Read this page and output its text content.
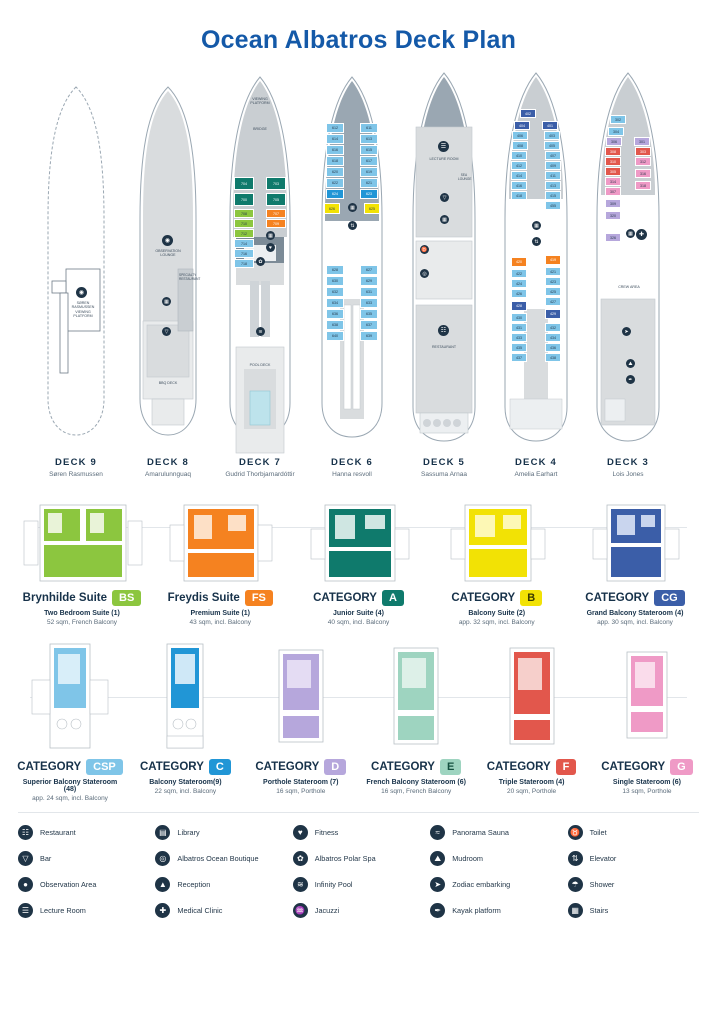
Ocean Albatros Deck Plan
◉
SØREN RASMUSSEN VIEWING PLATFORM
DECK 9
Søren Rasmussen
◉
OBSERVATION LOUNGE
SPECIALTY RESTAURANT
BBQ DECK
▦
▽
DECK 8
Amarulunnguaq
VIEWING PLATFORM
BRIDGE
POOL DECK
704	703
700	705
708	707
710	709
712
714
716
718
▦
♥
✿
≋
DECK 7
Gudrid Thorbjarnardóttir
612	611
614	613
616	615
618	617
620	619
622	621
624	623
626	625
628	627
630	629
632	631
634	633
636	635
638	637
640	639
▦
⇅
DECK 6
Hanna resvoll
☰
LECTURE ROOM
SEA LOUNGE
▽
▦
♉
◎
☷
RESTAURANT
DECK 5
Sassuma Arnaa
402
404	401
406	403
408	405
410	407
412	409
414	411
416	413
418	415
455
419
420
421
422
423
424
425
426
427
428
429
430
431	432
433	434
435	436
437	438
▦
⇅
DECK 4
Amelia Earhart
302
304
306	301
308	303
310	312
305
314
316
307
318
309
320
326
CREW AREA
▦	✚
➤
⛰
✒
DECK 3
Lois Jones
Brynhilde Suite	BS
Two Bedroom Suite (1)
52 sqm, French Balcony
Freydis Suite	FS
Premium Suite (1)
43 sqm, incl. Balcony
CATEGORY	A
Junior Suite (4)
40 sqm, incl. Balcony
CATEGORY	B
Balcony Suite (2)
app. 32 sqm, incl. Balcony
CATEGORY	CG
Grand Balcony Stateroom (4)
app. 30 sqm, incl. Balcony
CATEGORY	CSP
Superior Balcony Stateroom (48)
app. 24 sqm, incl. Balcony
CATEGORY	C
Balcony Stateroom(9)
22 sqm, incl. Balcony
CATEGORY	D
Porthole Stateroom (7)
16 sqm, Porthole
CATEGORY	E
French Balcony Stateroom (6)
16 sqm, French Balcony
CATEGORY	F
Triple Stateroom (4)
20 sqm, Porthole
CATEGORY	G
Single Stateroom (6)
13 sqm, Porthole
☷	Restaurant	▤	Library	♥	Fitness	≈	Panorama Sauna	♉	Toilet
▽	Bar	◎	Albatros Ocean Boutique	✿	Albatros Polar Spa	⛰	Mudroom	⇅	Elevator
●	Observation Area	▲	Reception	≋	Infinity Pool	➤	Zodiac embarking	☂	Shower
☰	Lecture Room	✚	Medical Clinic	♒	Jacuzzi	✒	Kayak platform	▦	Stairs
